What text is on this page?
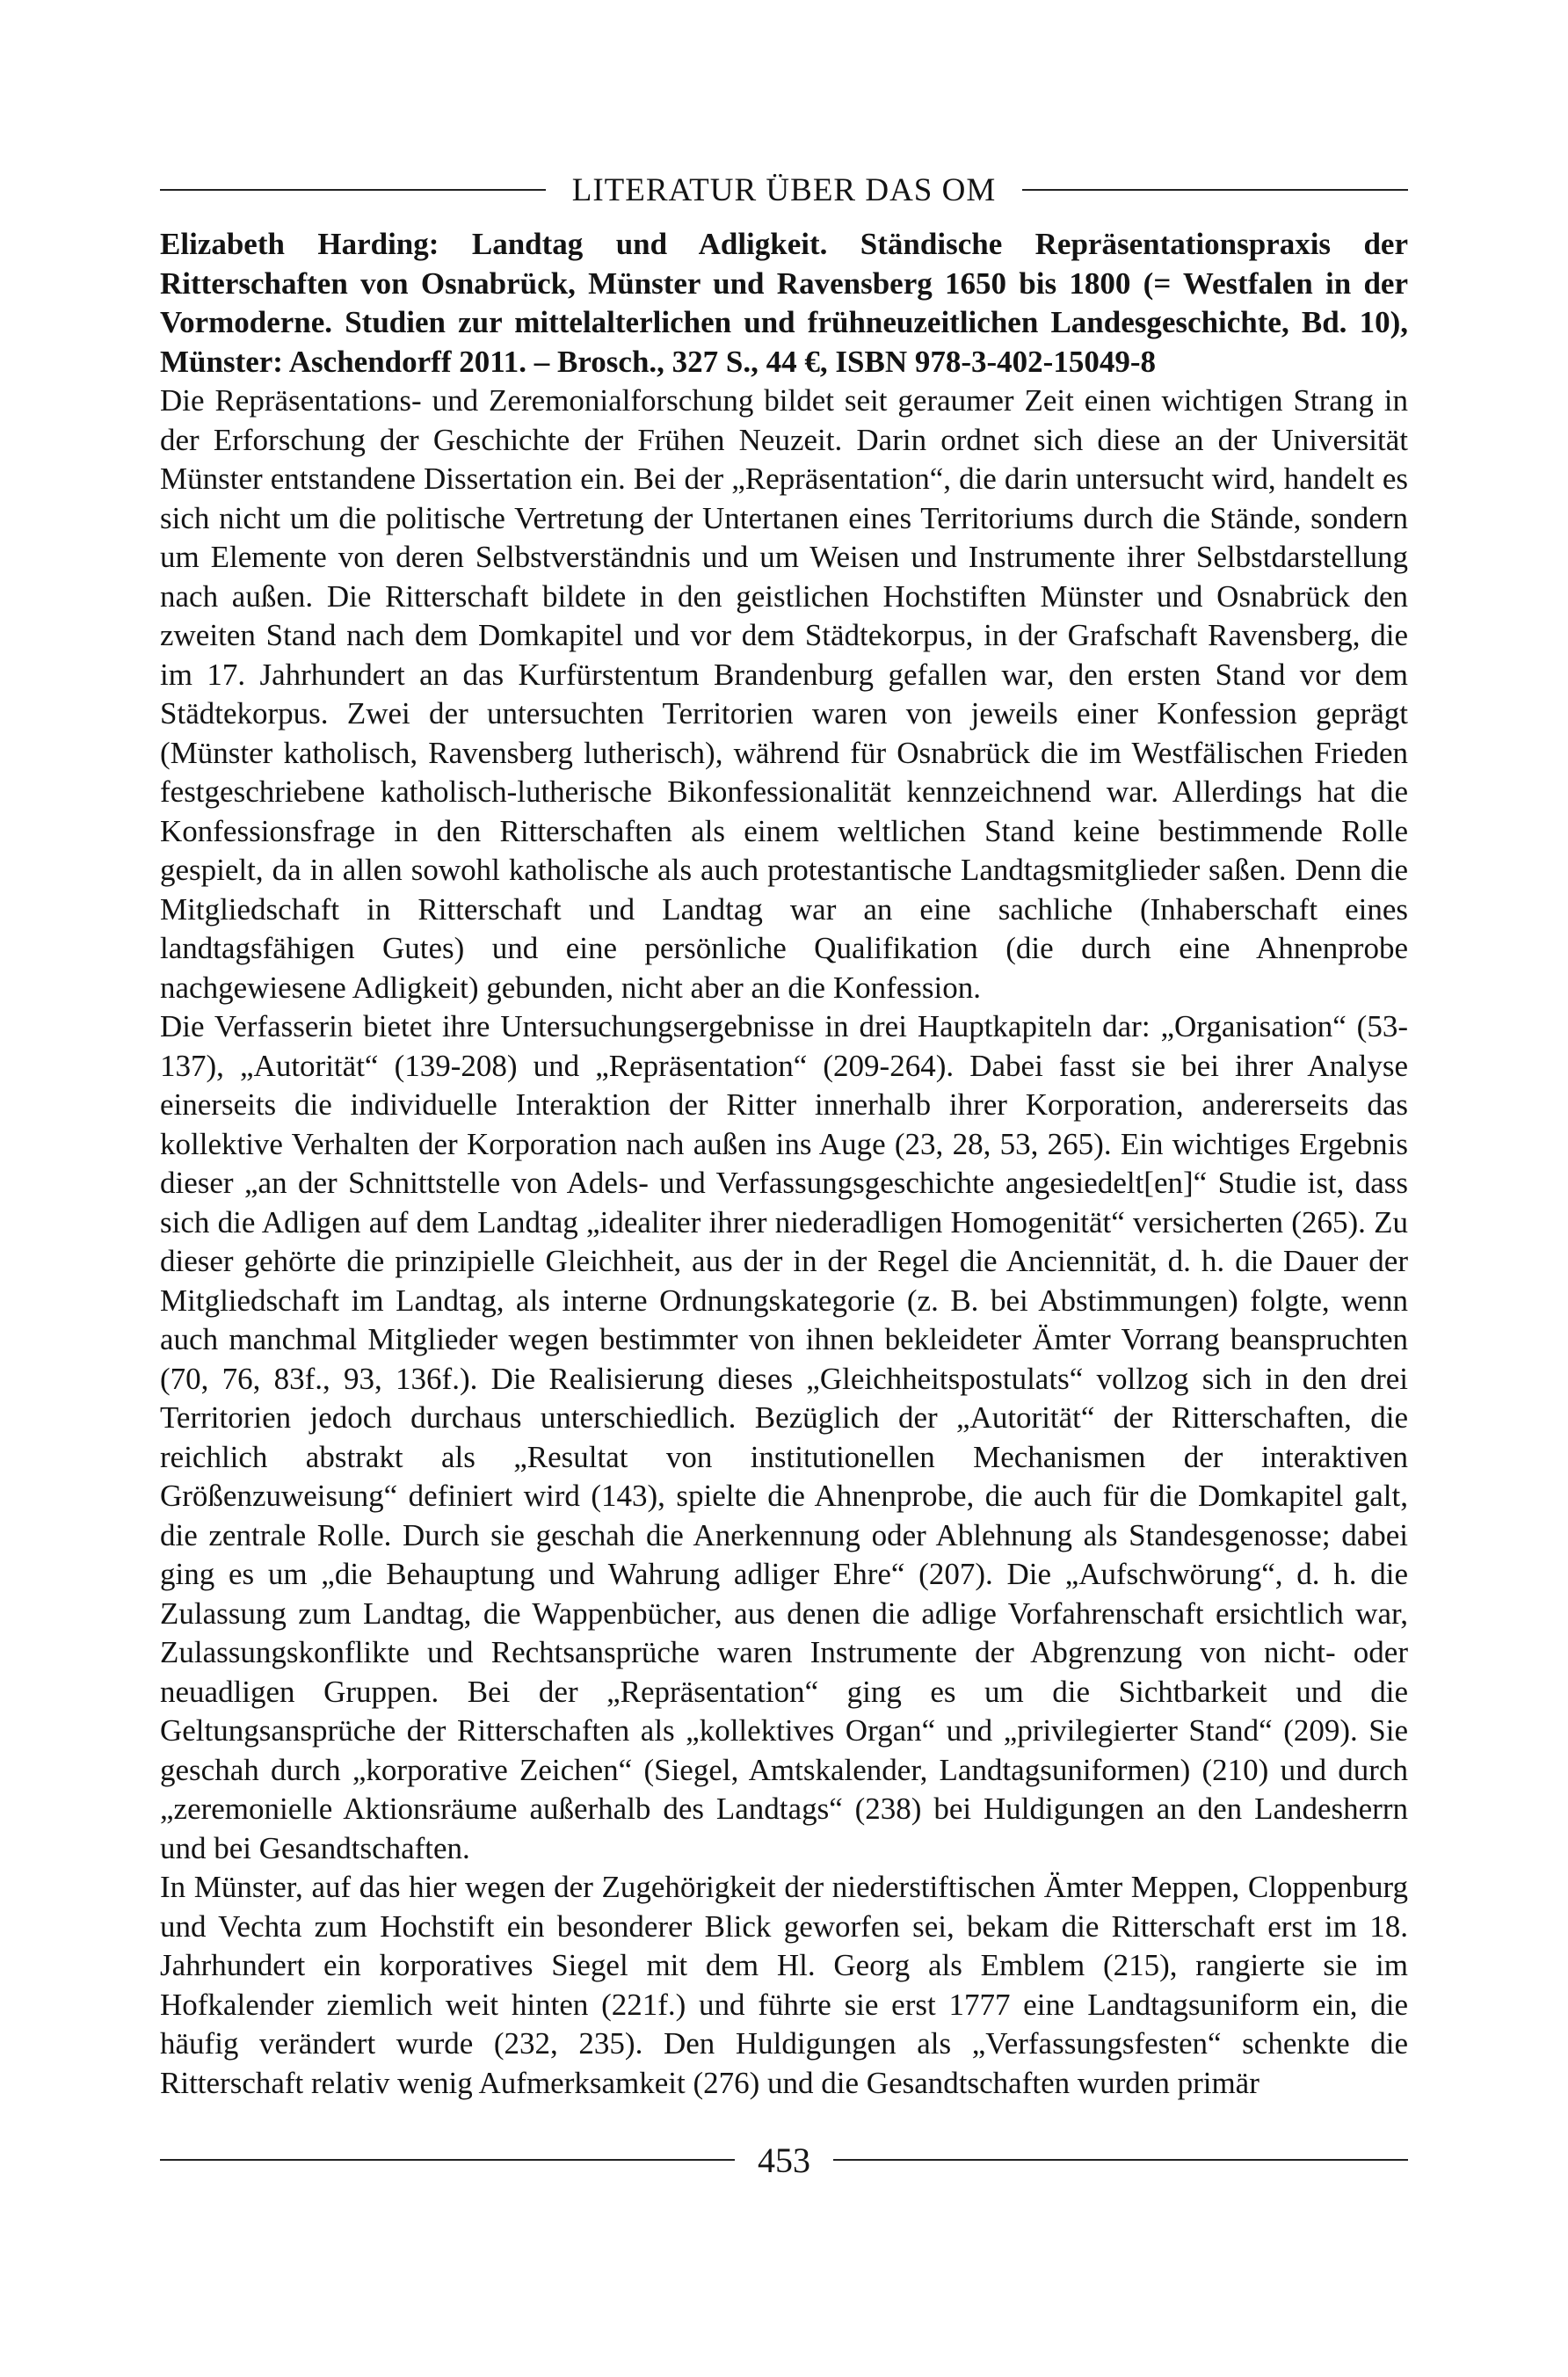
LITERATUR ÜBER DAS OM
Elizabeth Harding: Landtag und Adligkeit. Ständische Repräsentationspraxis der Ritterschaften von Osnabrück, Münster und Ravensberg 1650 bis 1800 (= Westfalen in der Vormoderne. Studien zur mittelalterlichen und frühneuzeitlichen Landesgeschichte, Bd. 10), Münster: Aschendorff 2011. – Brosch., 327 S., 44 €, ISBN 978-3-402-15049-8

Die Repräsentations- und Zeremonialforschung bildet seit geraumer Zeit einen wichtigen Strang in der Erforschung der Geschichte der Frühen Neuzeit. Darin ordnet sich diese an der Universität Münster entstandene Dissertation ein. Bei der „Repräsentation“, die darin untersucht wird, handelt es sich nicht um die politische Vertretung der Untertanen eines Territoriums durch die Stände, sondern um Elemente von deren Selbstverständnis und um Weisen und Instrumente ihrer Selbstdarstellung nach außen. Die Ritterschaft bildete in den geistlichen Hochstiften Münster und Osnabrück den zweiten Stand nach dem Domkapitel und vor dem Städtekorpus, in der Grafschaft Ravensberg, die im 17. Jahrhundert an das Kurfürstentum Brandenburg gefallen war, den ersten Stand vor dem Städtekorpus. Zwei der untersuchten Territorien waren von jeweils einer Konfession geprägt (Münster katholisch, Ravensberg lutherisch), während für Osnabrück die im Westfälischen Frieden festgeschriebene katholisch-lutherische Bikonfessionalität kennzeichnend war. Allerdings hat die Konfessionsfrage in den Ritterschaften als einem weltlichen Stand keine bestimmende Rolle gespielt, da in allen sowohl katholische als auch protestantische Landtagsmitglieder saßen. Denn die Mitgliedschaft in Ritterschaft und Landtag war an eine sachliche (Inhaberschaft eines landtagsfähigen Gutes) und eine persönliche Qualifikation (die durch eine Ahnenprobe nachgewiesene Adligkeit) gebunden, nicht aber an die Konfession.

Die Verfasserin bietet ihre Untersuchungsergebnisse in drei Hauptkapiteln dar: „Organisation“ (53-137), „Autorität“ (139-208) und „Repräsentation“ (209-264). Dabei fasst sie bei ihrer Analyse einerseits die individuelle Interaktion der Ritter innerhalb ihrer Korporation, andererseits das kollektive Verhalten der Korporation nach außen ins Auge (23, 28, 53, 265). Ein wichtiges Ergebnis dieser „an der Schnittstelle von Adels- und Verfassungsgeschichte angesiedelt[en]“ Studie ist, dass sich die Adligen auf dem Landtag „idealiter ihrer niederadligen Homogenität“ versicherten (265). Zu dieser gehörte die prinzipielle Gleichheit, aus der in der Regel die Anciennität, d. h. die Dauer der Mitgliedschaft im Landtag, als interne Ordnungskategorie (z. B. bei Abstimmungen) folgte, wenn auch manchmal Mitglieder wegen bestimmter von ihnen bekleideter Ämter Vorrang beanspruchten (70, 76, 83f., 93, 136f.). Die Realisierung dieses „Gleichheitspostulats“ vollzog sich in den drei Territorien jedoch durchaus unterschiedlich. Bezüglich der „Autorität“ der Ritterschaften, die reichlich abstrakt als „Resultat von institutionellen Mechanismen der interaktiven Größenzuweisung“ definiert wird (143), spielte die Ahnenprobe, die auch für die Domkapitel galt, die zentrale Rolle. Durch sie geschah die Anerkennung oder Ablehnung als Standesgenosse; dabei ging es um „die Behauptung und Wahrung adliger Ehre“ (207). Die „Aufschwörung“, d. h. die Zulassung zum Landtag, die Wappenbücher, aus denen die adlige Vorfahrenschaft ersichtlich war, Zulassungskonflikte und Rechtsansprüche waren Instrumente der Abgrenzung von nicht- oder neuadligen Gruppen. Bei der „Repräsentation“ ging es um die Sichtbarkeit und die Geltungsansprüche der Ritterschaften als „kollektives Organ“ und „privilegierter Stand“ (209). Sie geschah durch „korporative Zeichen“ (Siegel, Amtskalender, Landtagsuniformen) (210) und durch „zeremonielle Aktionsräume außerhalb des Landtags“ (238) bei Huldigungen an den Landesherrn und bei Gesandtschaften.

In Münster, auf das hier wegen der Zugehörigkeit der niederstiftischen Ämter Meppen, Cloppenburg und Vechta zum Hochstift ein besonderer Blick geworfen sei, bekam die Ritterschaft erst im 18. Jahrhundert ein korporatives Siegel mit dem Hl. Georg als Emblem (215), rangierte sie im Hofkalender ziemlich weit hinten (221f.) und führte sie erst 1777 eine Landtagsuniform ein, die häufig verändert wurde (232, 235). Den Huldigungen als „Verfassungsfesten“ schenkte die Ritterschaft relativ wenig Aufmerksamkeit (276) und die Gesandtschaften wurden primär

453
